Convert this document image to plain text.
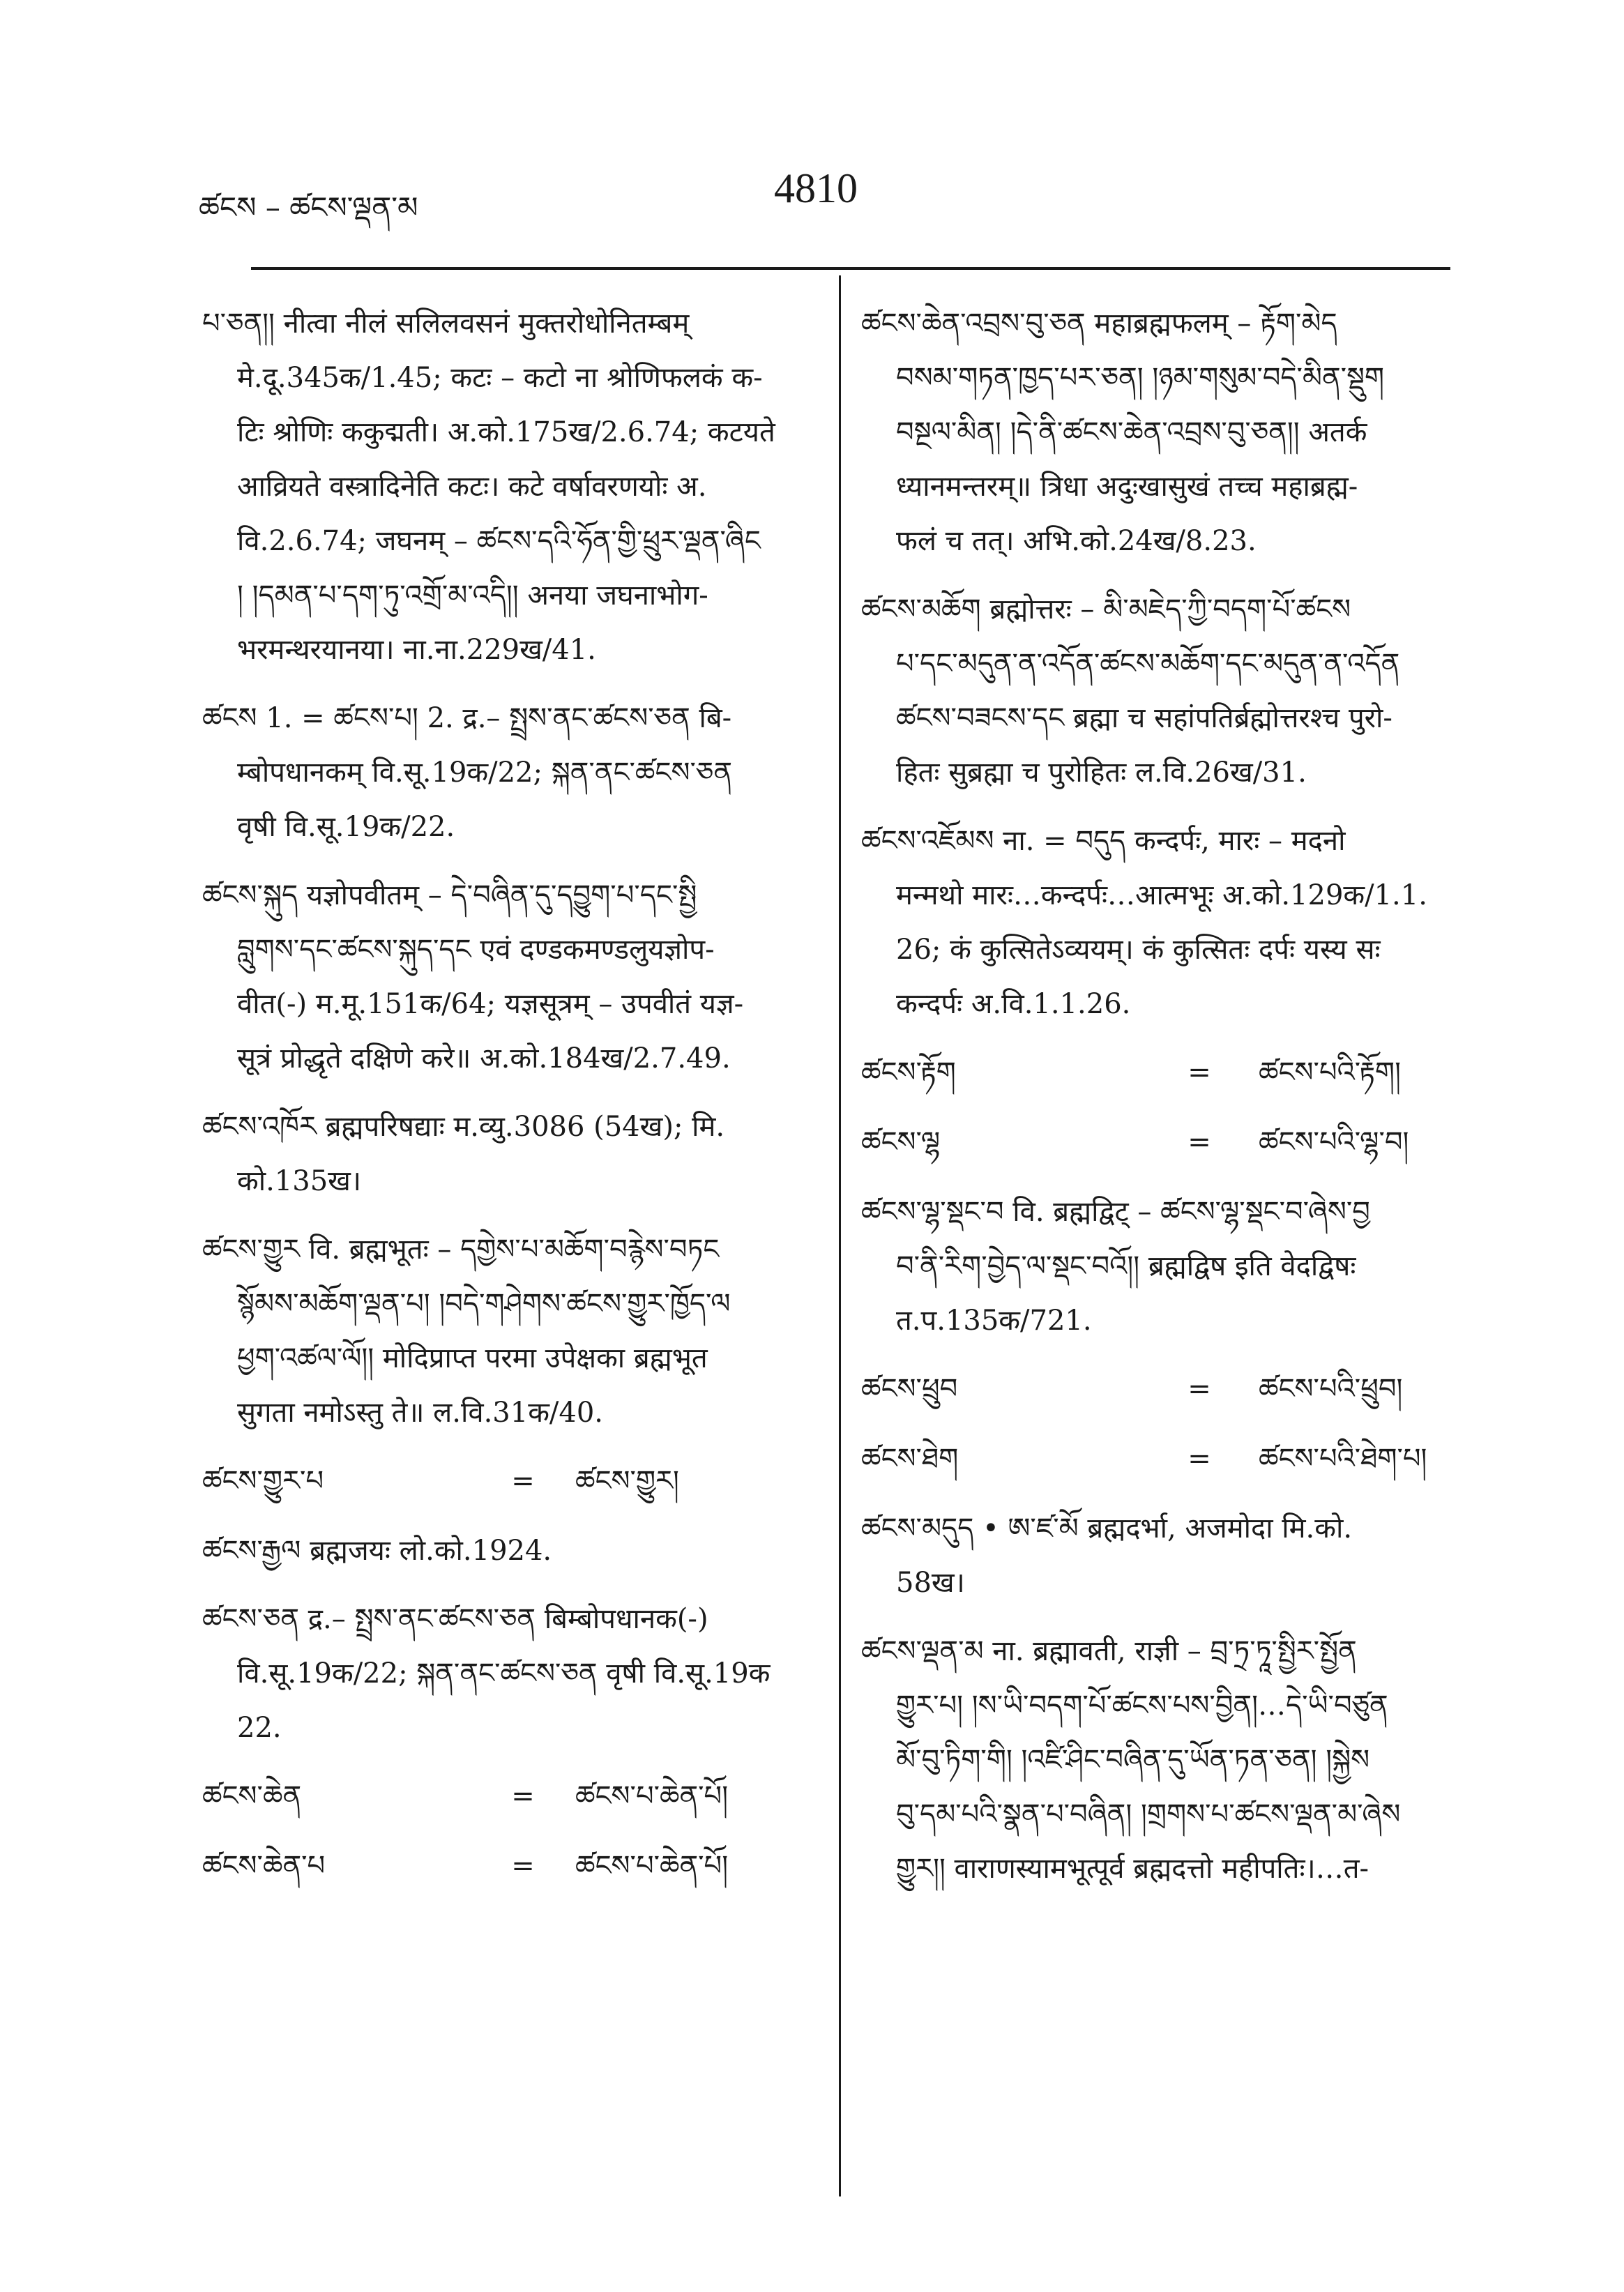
ཚངས – ཚངས་ལྡན་མ	4810
པ་ཅན།། नीत्वा नीलं सलिलवसनं मुक्तरोधोनितम्बम्
मे.दू.345क/1.45; कटः – कटो ना श्रोणिफलकं क-
टिः श्रोणिः ककुद्मती। अ.को.175ख/2.6.74; कटयते
आव्रियते वस्त्रादिनेति कटः। कटे वर्षावरणयोः अ.
वि.2.6.74; जघनम् – ཚངས་དའི་ཧོན་གྱི་ཕྲུར་ལྡན་ཞིང
། །དམན་པ་དག་ཏུ་འགྲོ་མ་འདི།། अनया जघनाभोग-
भरमन्थरयानया। ना.ना.229ख/41.
ཚངས 1. = ཚངས་པ། 2. द्र.– སྤྲས་ནང་ཚངས་ཅན बि-
म्बोपधानकम् वि.सू.19क/22; སྐན་ནང་ཚངས་ཅན
वृषी वि.सू.19क/22.
ཚངས་སྐུད यज्ञोपवीतम् – དེ་བཞིན་དུ་དབྱུག་པ་དང་སྤྱི
བླུགས་དང་ཚངས་སྐུད་དང एवं दण्डकमण्डलुयज्ञोप-
वीत(-) म.मू.151क/64; यज्ञसूत्रम् – उपवीतं यज्ञ-
सूत्रं प्रोद्धृते दक्षिणे करे॥ अ.को.184ख/2.7.49.
ཚངས་འཁོར ब्रह्मपरिषद्याः म.व्यु.3086 (54ख); मि.
को.135ख।
ཚངས་གྱུར वि. ब्रह्मभूतः – དགྱེས་པ་མཆོག་བརྙེས་བཏང
སྙོམས་མཆོག་ལྡན་པ། །བདེ་གཤེགས་ཚངས་གྱུར་ཁྱོད་ལ
ཕྱག་འཚལ་ལོ།། मोदिप्राप्त परमा उपेक्षका ब्रह्मभूत
सुगता नमोऽस्तु ते॥ ल.वि.31क/40.
ཚངས་གྱུར་པ	=	ཚངས་གྱུར།
ཚངས་རྒྱལ ब्रह्मजयः लो.को.1924.
ཚངས་ཅན द्र.– སྤྲས་ནང་ཚངས་ཅན बिम्बोपधानक(-)
वि.सू.19क/22; སྐན་ནང་ཚངས་ཅན वृषी वि.सू.19क
22.
ཚངས་ཆེན	=	ཚངས་པ་ཆེན་པོ།
ཚངས་ཆེན་པ	=	ཚངས་པ་ཆེན་པོ།
ཚངས་ཆེན་འབྲས་བུ་ཅན महाब्रह्मफलम् – རྟོག་མེད
བསམ་གཏན་ཁྱད་པར་ཅན། །ཉམ་གསུམ་བདེ་མིན་སྡུག
བསྔལ་མིན། །དེ་ནི་ཚངས་ཆེན་འབྲས་བུ་ཅན།། अतर्क
ध्यानमन्तरम्॥ त्रिधा अदुःखासुखं तच्च महाब्रह्म-
फलं च तत्। अभि.को.24ख/8.23.
ཚངས་མཆོག ब्रह्मोत्तरः – མི་མཇེད་ཀྱི་བདག་པོ་ཚངས
པ་དང་མདུན་ན་འདོན་ཚངས་མཆོག་དང་མདུན་ན་འདོན
ཚངས་བཟངས་དང ब्रह्मा च सहांपतिर्ब्रह्मोत्तरश्च पुरो-
हितः सुब्रह्मा च पुरोहितः ल.वि.26ख/31.
ཚངས་འཇོམས ना. = བདུད कन्दर्पः, मारः – मदनो
मन्मथो मारः…कन्दर्पः…आत्मभूः अ.को.129क/1.1.
26; कं कुत्सितेऽव्ययम्। कं कुत्सितः दर्पः यस्य सः
कन्दर्पः अ.वि.1.1.26.
ཚངས་རྟོག	=	ཚངས་པའི་རྟོག།
ཚངས་ལྷ	=	ཚངས་པའི་ལྷ་བ།
ཚངས་ལྷ་སྡང་བ वि. ब्रह्मद्विट् – ཚངས་ལྷ་སྡང་བ་ཞེས་བྱ
བ་ནི་རིག་བྱེད་ལ་སྡང་བའོ།། ब्रह्मद्विष इति वेदद्विषः
त.प.135क/721.
ཚངས་ཕྲུབ	=	ཚངས་པའི་ཕྲུབ།
ཚངས་ཐེག	=	ཚངས་པའི་ཐེག་པ།
ཚངས་མདུད • ཨ་ཛ་མོ ब्रह्मदर्भा, अजमोदा मि.को.
58ख।
ཚངས་ལྡན་མ ना. ब्रह्मावती, राज्ञी – བྲ་ཏྲ་ཏཱ་སྤྱིར་སྤྱོན
གྱུར་པ། །ས་ཡི་བདག་པོ་ཚངས་པས་བྱིན།…དེ་ཡི་བཙུན
མོ་བུ་ཏིག་གི། །འཛི་ཤིང་བཞིན་དུ་ཡོན་ཏན་ཅན། །སྐྱེས
བུ་དམ་པའི་སྣན་པ་བཞིན། །གྲགས་པ་ཚངས་ལྡན་མ་ཞེས
གྱུར།། वाराणस्यामभूत्पूर्व ब्रह्मदत्तो महीपतिः।…त-
